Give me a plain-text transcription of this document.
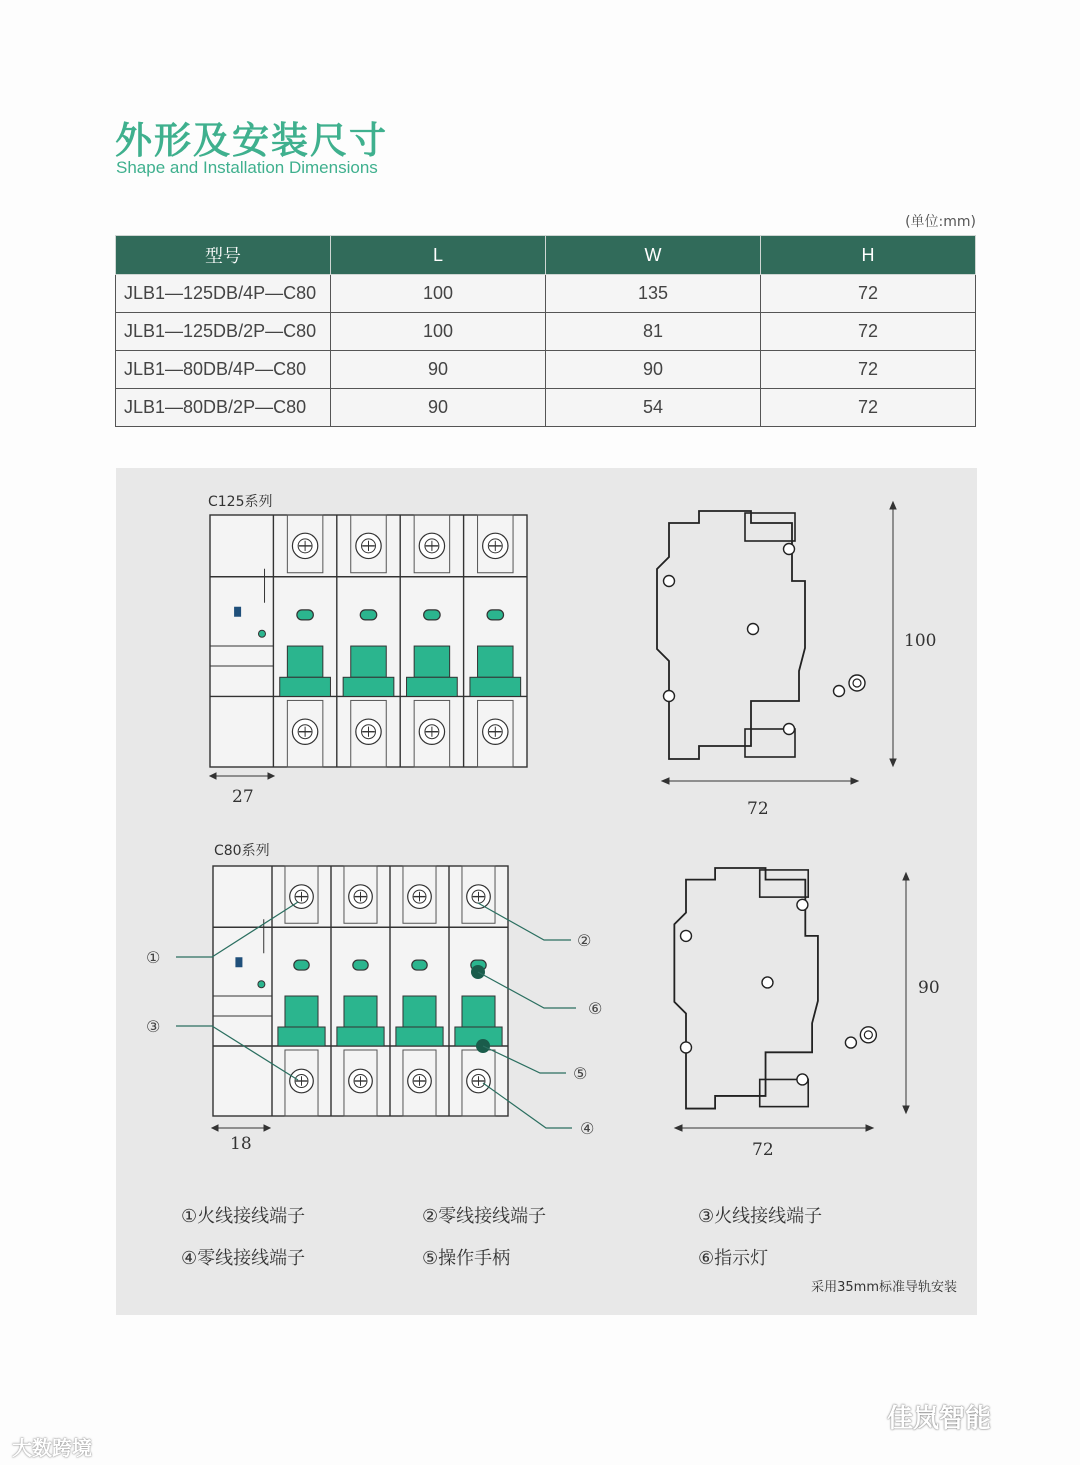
外形及安装尺寸
Shape and Installation Dimensions
(单位:mm)
型号	L	W	H
JLB1—125DB/4P—C80	100	135	72
JLB1—125DB/2P—C80	100	81	72
JLB1—80DB/4P—C80	90	90	72
JLB1—80DB/2P—C80	90	54	72
C125系列
C80系列
27
18
100
72
90
72
①
③
②
⑥
⑤
④
①火线接线端子	②零线接线端子	③火线接线端子
④零线接线端子	⑤操作手柄	⑥指示灯
采用35mm标准导轨安装
大数跨境
佳岚智能
